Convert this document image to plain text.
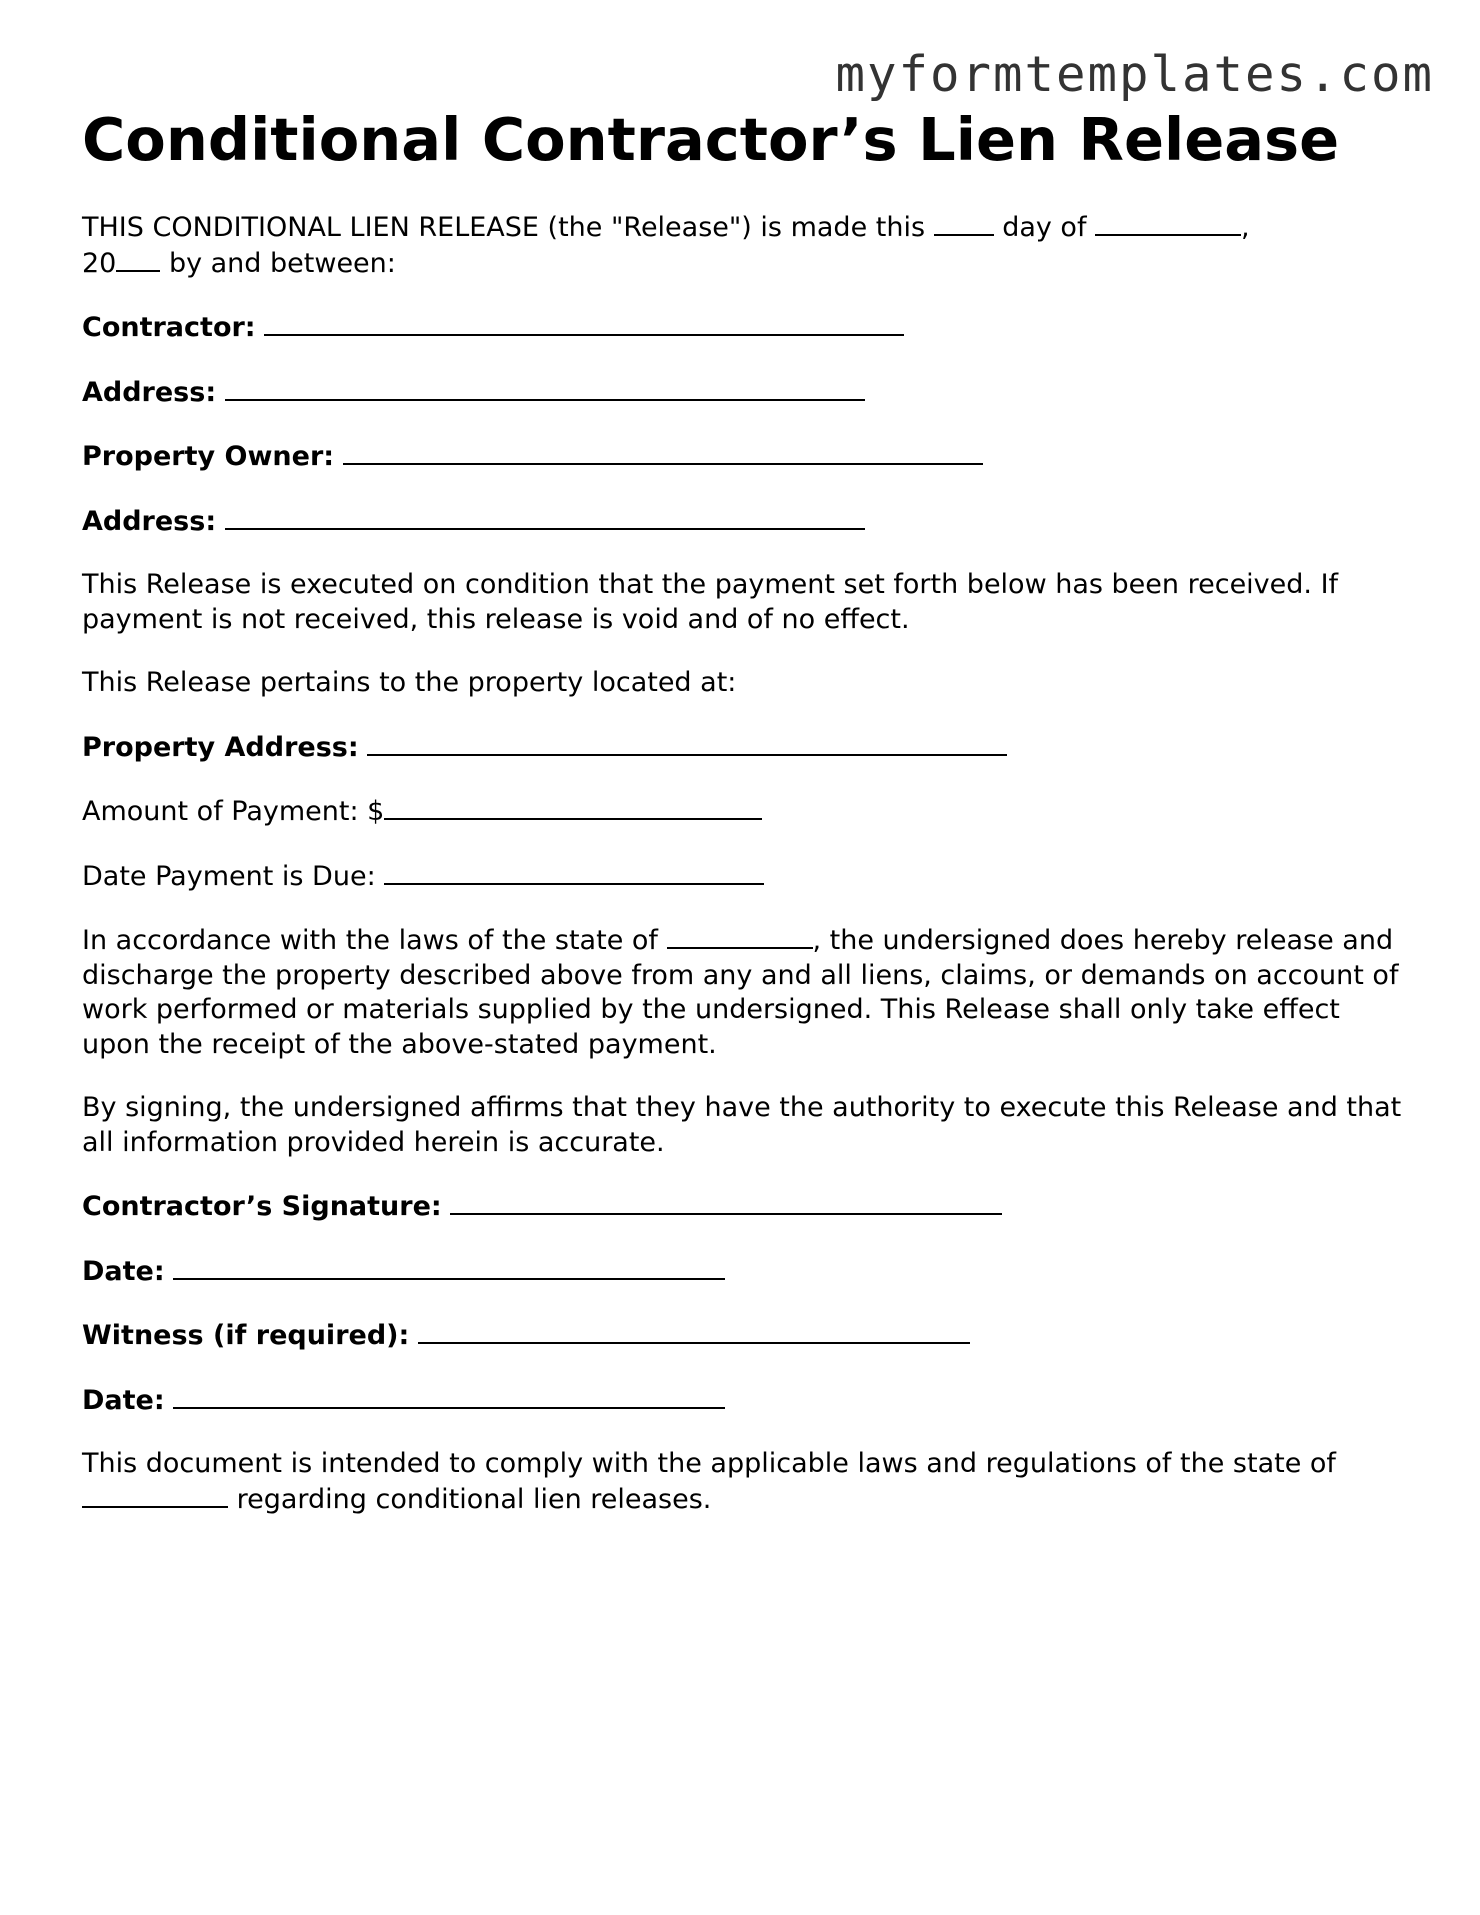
myformtemplates.com
Conditional Contractor’s Lien Release
THIS CONDITIONAL LIEN RELEASE (the "Release") is made this  day of	,
20 by and between:
Contractor:
Address:
Property Owner:
Address:
This Release is executed on condition that the payment set forth below has been received. If payment is not received, this release is void and of no effect.
This Release pertains to the property located at:
Property Address:
Amount of Payment: $
Date Payment is Due:
In accordance with the laws of the state of	, the undersigned does hereby release and discharge the property described above from any and all liens, claims, or demands on account of work performed or materials supplied by the undersigned. This Release shall only take effect upon the receipt of the above-stated payment.
By signing, the undersigned affirms that they have the authority to execute this Release and that all information provided herein is accurate.
Contractor’s Signature:
Date:
Witness (if required):
Date:
This document is intended to comply with the applicable laws and regulations of the state of  regarding conditional lien releases.
